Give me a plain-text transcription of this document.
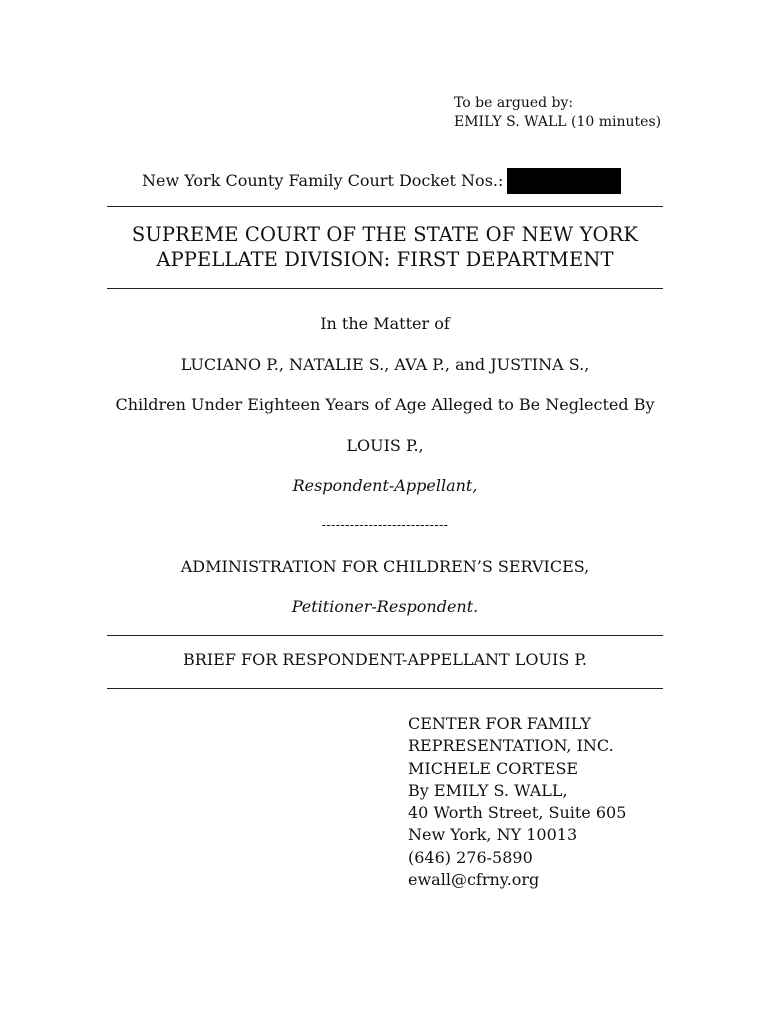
To be argued by:
EMILY S. WALL (10 minutes)
New York County Family Court Docket Nos.:
SUPREME COURT OF THE STATE OF NEW YORK
APPELLATE DIVISION: FIRST DEPARTMENT
In the Matter of
LUCIANO P., NATALIE S., AVA P., and JUSTINA S.,
Children Under Eighteen Years of Age Alleged to Be Neglected By
LOUIS P.,
Respondent-Appellant,
---------------------------
ADMINISTRATION FOR CHILDREN’S SERVICES,
Petitioner-Respondent.
BRIEF FOR RESPONDENT-APPELLANT LOUIS P.
CENTER FOR FAMILY
REPRESENTATION, INC.
MICHELE CORTESE
By EMILY S. WALL,
40 Worth Street, Suite 605
New York, NY 10013
(646) 276-5890
ewall@cfrny.org
